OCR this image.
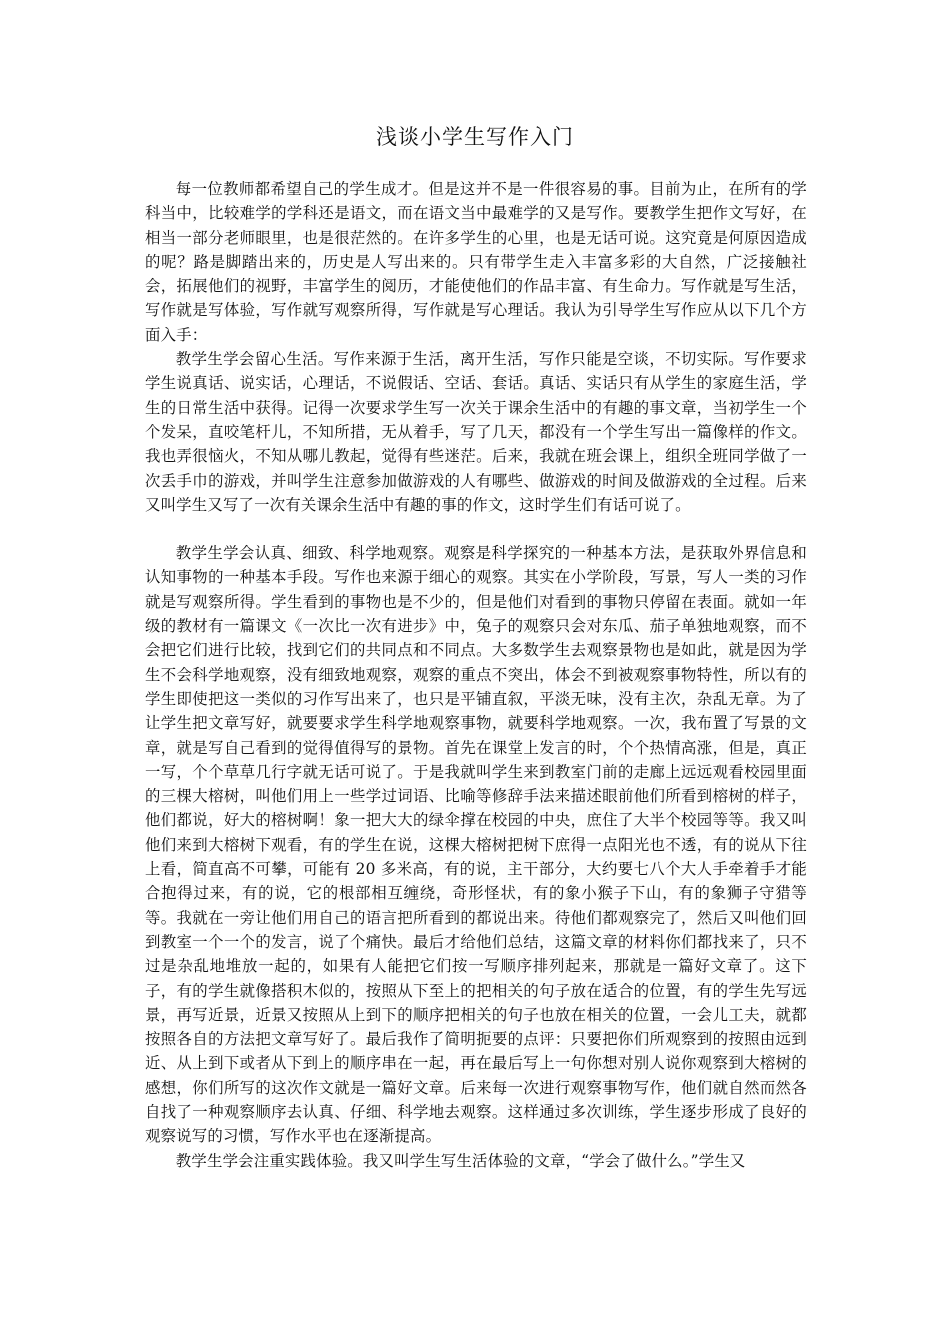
浅谈小学生写作入门

每一位教师都希望自己的学生成才。但是这并不是一件很容易的事。目前为止，在所有的学科当中，比较难学的学科还是语文，而在语文当中最难学的又是写作。要教学生把作文写好，在相当一部分老师眼里，也是很茫然的。在许多学生的心里，也是无话可说。这究竟是何原因造成的呢？路是脚踏出来的，历史是人写出来的。只有带学生走入丰富多彩的大自然，广泛接触社会，拓展他们的视野，丰富学生的阅历，才能使他们的作品丰富、有生命力。写作就是写生活，写作就是写体验，写作就写观察所得，写作就是写心理话。我认为引导学生写作应从以下几个方面入手：

教学生学会留心生活。写作来源于生活，离开生活，写作只能是空谈，不切实际。写作要求学生说真话、说实话，心理话，不说假话、空话、套话。真话、实话只有从学生的家庭生活，学生的日常生活中获得。记得一次要求学生写一次关于课余生活中的有趣的事文章，当初学生一个个发呆，直咬笔杆儿，不知所措，无从着手，写了几天，都没有一个学生写出一篇像样的作文。我也弄很恼火，不知从哪儿教起，觉得有些迷茫。后来，我就在班会课上，组织全班同学做了一次丢手巾的游戏，并叫学生注意参加做游戏的人有哪些、做游戏的时间及做游戏的全过程。后来又叫学生又写了一次有关课余生活中有趣的事的作文，这时学生们有话可说了。

教学生学会认真、细致、科学地观察。观察是科学探究的一种基本方法，是获取外界信息和认知事物的一种基本手段。写作也来源于细心的观察。其实在小学阶段，写景，写人一类的习作就是写观察所得。学生看到的事物也是不少的，但是他们对看到的事物只停留在表面。就如一年级的教材有一篇课文《一次比一次有进步》中，兔子的观察只会对东瓜、茄子单独地观察，而不会把它们进行比较，找到它们的共同点和不同点。大多数学生去观察景物也是如此，就是因为学生不会科学地观察，没有细致地观察，观察的重点不突出，体会不到被观察事物特性，所以有的学生即使把这一类似的习作写出来了，也只是平铺直叙，平淡无味，没有主次，杂乱无章。为了让学生把文章写好，就要要求学生科学地观察事物，就要科学地观察。一次，我布置了写景的文章，就是写自己看到的觉得值得写的景物。首先在课堂上发言的时，个个热情高涨，但是，真正一写，个个草草几行字就无话可说了。于是我就叫学生来到教室门前的走廊上远远观看校园里面的三棵大榕树，叫他们用上一些学过词语、比喻等修辞手法来描述眼前他们所看到榕树的样子，他们都说，好大的榕树啊！象一把大大的绿伞撑在校园的中央，庶住了大半个校园等等。我又叫他们来到大榕树下观看，有的学生在说，这棵大榕树把树下庶得一点阳光也不透，有的说从下往上看，简直高不可攀，可能有 20 多米高，有的说，主干部分，大约要七八个大人手牵着手才能合抱得过来，有的说，它的根部相互缠绕，奇形怪状，有的象小猴子下山，有的象狮子守猎等等。我就在一旁让他们用自己的语言把所看到的都说出来。待他们都观察完了，然后又叫他们回到教室一个一个的发言，说了个痛快。最后才给他们总结，这篇文章的材料你们都找来了，只不过是杂乱地堆放一起的，如果有人能把它们按一写顺序排列起来，那就是一篇好文章了。这下子，有的学生就像搭积木似的，按照从下至上的把相关的句子放在适合的位置，有的学生先写远景，再写近景，近景又按照从上到下的顺序把相关的句子也放在相关的位置，一会儿工夫，就都按照各自的方法把文章写好了。最后我作了简明扼要的点评：只要把你们所观察到的按照由远到近、从上到下或者从下到上的顺序串在一起，再在最后写上一句你想对别人说你观察到大榕树的感想，你们所写的这次作文就是一篇好文章。后来每一次进行观察事物写作，他们就自然而然各自找了一种观察顺序去认真、仔细、科学地去观察。这样通过多次训练，学生逐步形成了良好的观察说写的习惯，写作水平也在逐渐提高。

教学生学会注重实践体验。我又叫学生写生活体验的文章，“学会了做什么。”学生又
